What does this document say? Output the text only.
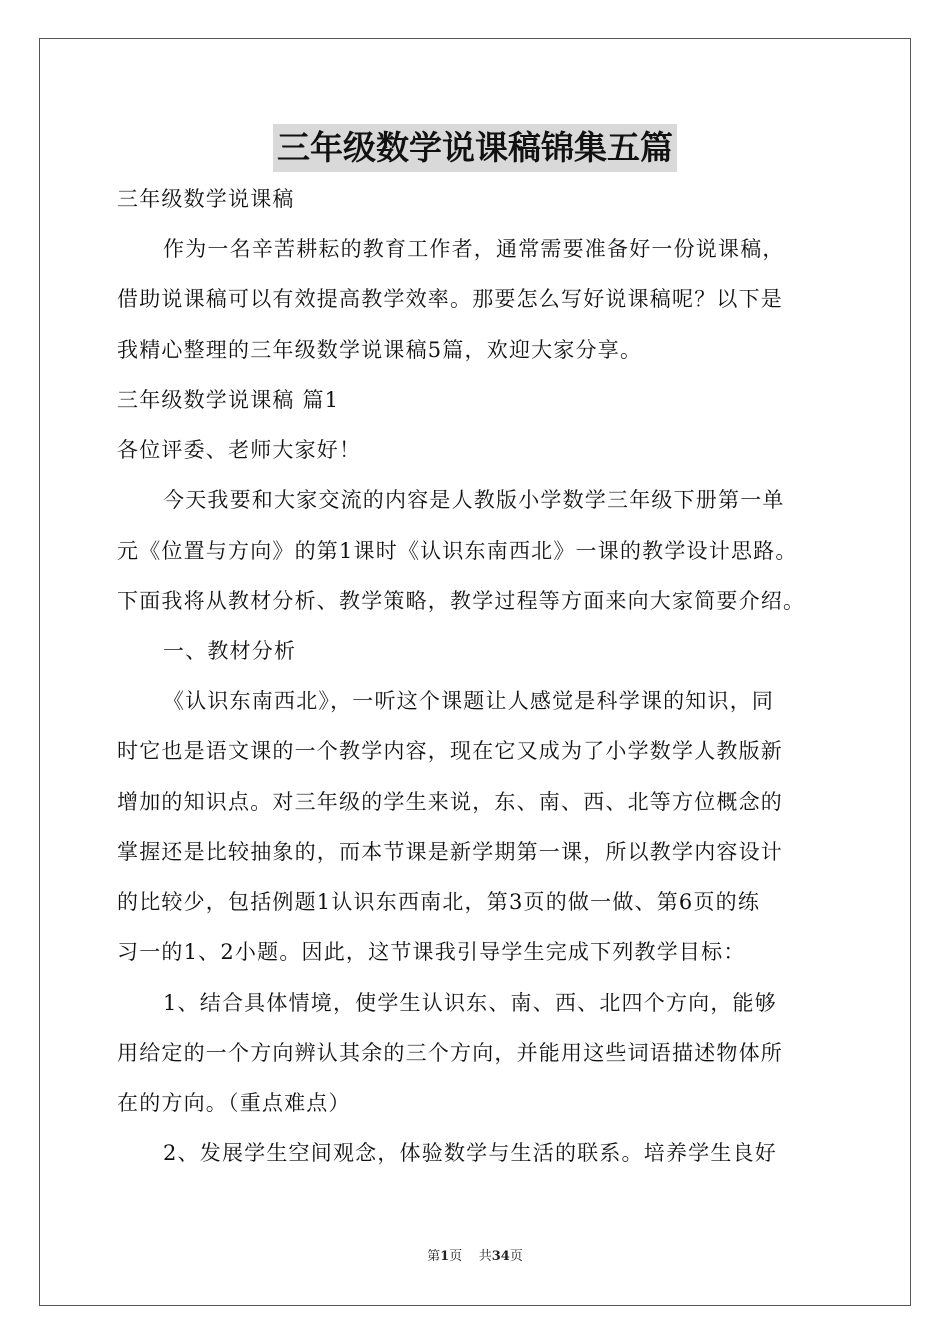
三年级数学说课稿锦集五篇
三年级数学说课稿
作为一名辛苦耕耘的教育工作者，通常需要准备好一份说课稿，
借助说课稿可以有效提高教学效率。那要怎么写好说课稿呢？以下是
我精心整理的三年级数学说课稿5篇，欢迎大家分享。
三年级数学说课稿 篇1
各位评委、老师大家好！
今天我要和大家交流的内容是人教版小学数学三年级下册第一单
元《位置与方向》的第1课时《认识东南西北》一课的教学设计思路。
下面我将从教材分析、教学策略，教学过程等方面来向大家简要介绍。
一、教材分析
《认识东南西北》，一听这个课题让人感觉是科学课的知识，同
时它也是语文课的一个教学内容，现在它又成为了小学数学人教版新
增加的知识点。对三年级的学生来说，东、南、西、北等方位概念的
掌握还是比较抽象的，而本节课是新学期第一课，所以教学内容设计
的比较少，包括例题1认识东西南北，第3页的做一做、第6页的练
习一的1、2小题。因此，这节课我引导学生完成下列教学目标：
1、结合具体情境，使学生认识东、南、西、北四个方向，能够
用给定的一个方向辨认其余的三个方向，并能用这些词语描述物体所
在的方向。（重点难点）
2、发展学生空间观念，体验数学与生活的联系。培养学生良好
第1页 共34页
